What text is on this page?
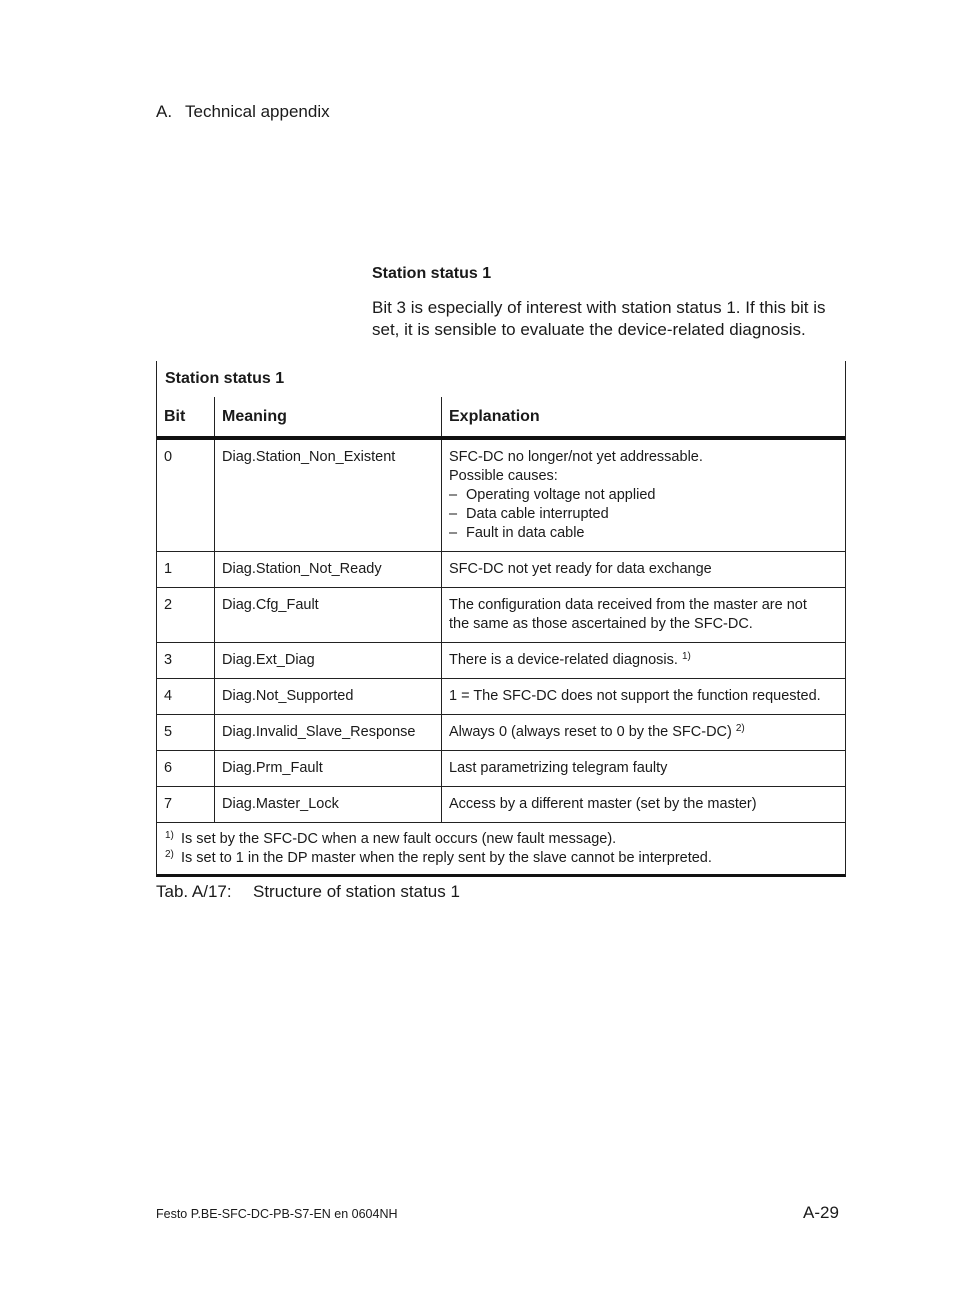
A. Technical appendix
Station status 1
Bit 3 is especially of interest with station status 1. If this bit is set, it is sensible to evaluate the device-related diagnosis.
Station status 1
Bit	Meaning	Explanation
0	Diag.Station_Non_Existent	SFC-DC no longer/not yet addressable.
Possible causes:
– Operating voltage not applied
– Data cable interrupted
– Fault in data cable
1	Diag.Station_Not_Ready	SFC-DC not yet ready for data exchange
2	Diag.Cfg_Fault	The configuration data received from the master are not
the same as those ascertained by the SFC-DC.
3	Diag.Ext_Diag	There is a device-related diagnosis. $^{1)}$
4	Diag.Not_Supported	1 = The SFC-DC does not support the function requested.
5	Diag.Invalid_Slave_Response	Always 0 (always reset to 0 by the SFC-DC) $^{2)}$
6	Diag.Prm_Fault	Last parametrizing telegram faulty
7	Diag.Master_Lock	Access by a different master (set by the master)
1) Is set by the SFC-DC when a new fault occurs (new fault message).
2) Is set to 1 in the DP master when the reply sent by the slave cannot be interpreted.
Tab. A/17: Structure of station status 1
Festo P.BE-SFC-DC-PB-S7-EN en 0604NH	A-29
